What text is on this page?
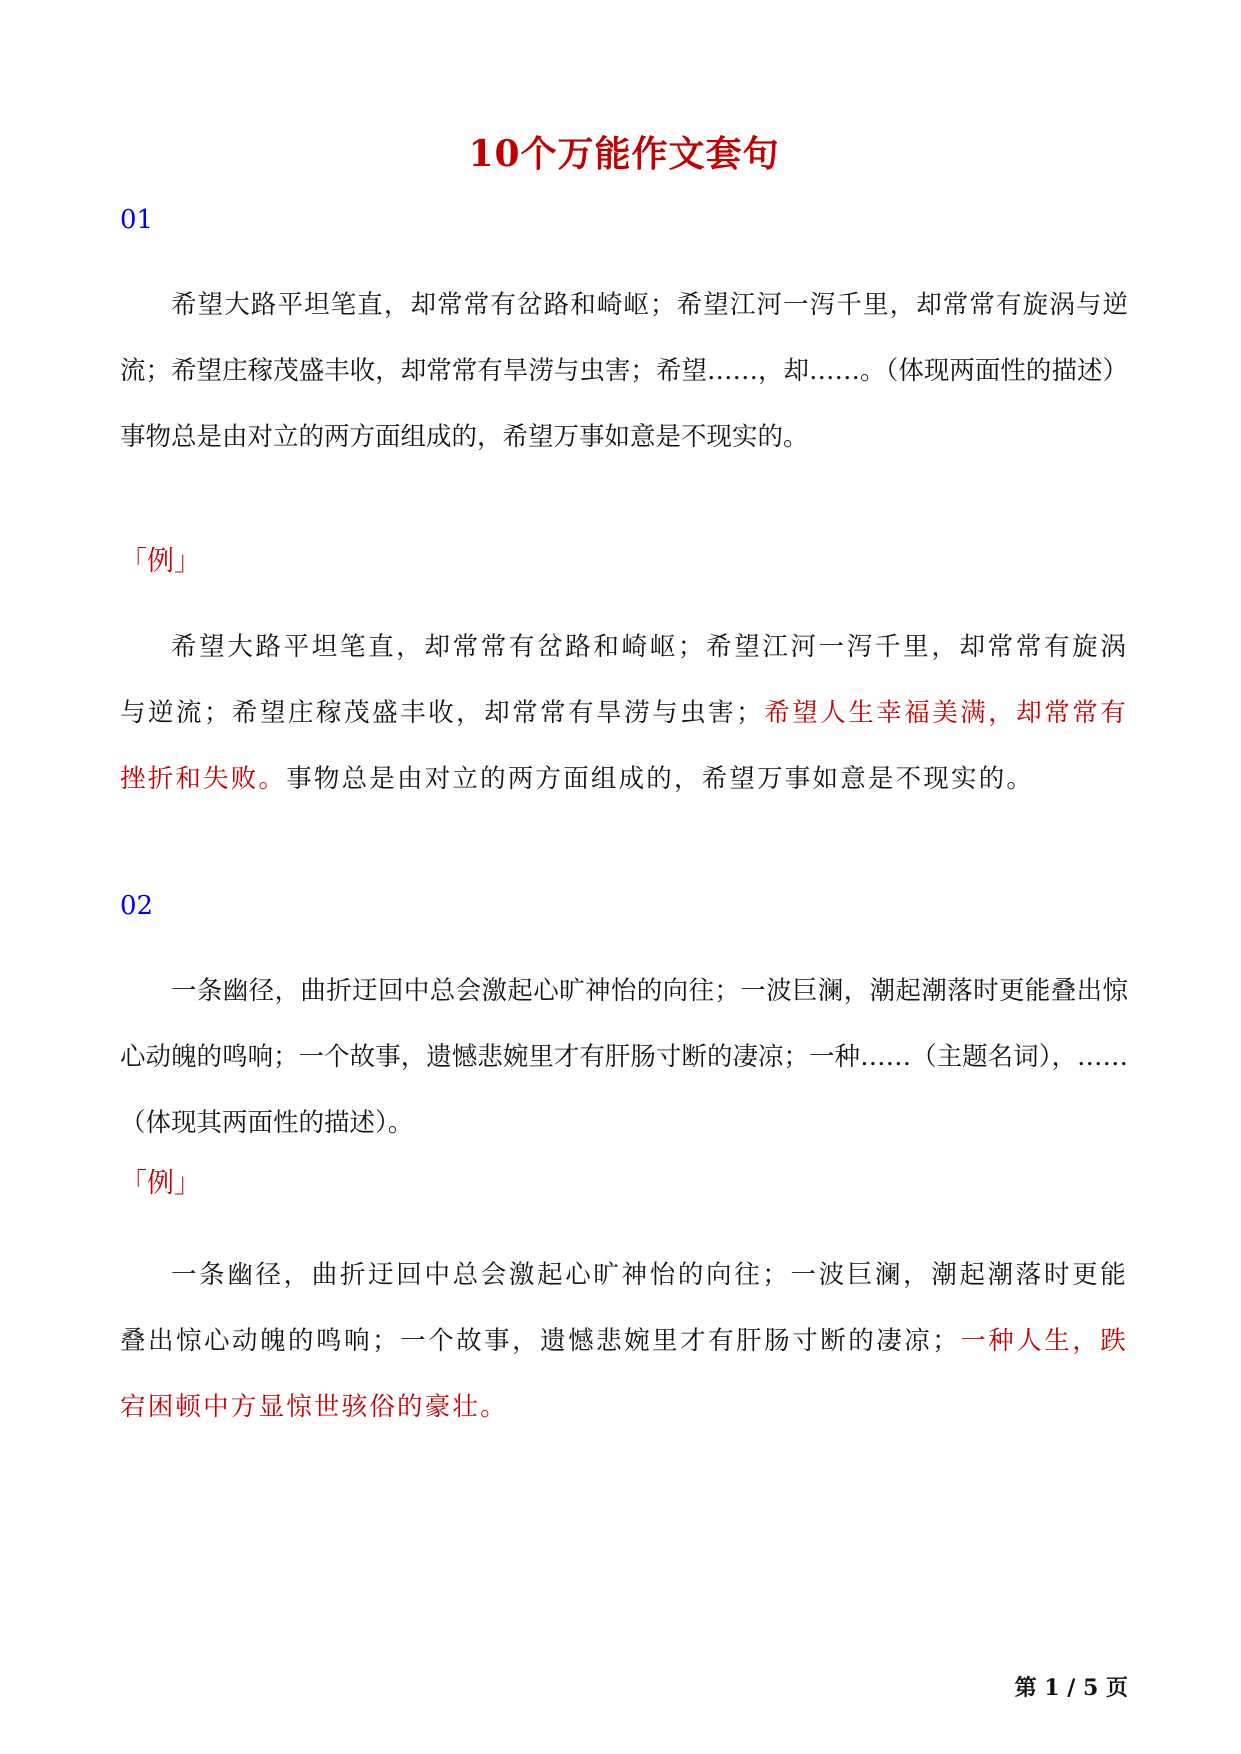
10个万能作文套句
01

希望大路平坦笔直，却常常有岔路和崎岖；希望江河一泻千里，却常常有旋涡与逆流；希望庄稼茂盛丰收，却常常有旱涝与虫害；希望……，却……。（体现两面性的描述）事物总是由对立的两方面组成的，希望万事如意是不现实的。

「例」

希望大路平坦笔直，却常常有岔路和崎岖；希望江河一泻千里，却常常有旋涡与逆流；希望庄稼茂盛丰收，却常常有旱涝与虫害；希望人生幸福美满，却常常有挫折和失败。事物总是由对立的两方面组成的，希望万事如意是不现实的。

02

一条幽径，曲折迂回中总会激起心旷神怡的向往；一波巨澜，潮起潮落时更能叠出惊心动魄的鸣响；一个故事，遗憾悲婉里才有肝肠寸断的凄凉；一种……（主题名词），……（体现其两面性的描述）。

「例」

一条幽径，曲折迂回中总会激起心旷神怡的向往；一波巨澜，潮起潮落时更能叠出惊心动魄的鸣响；一个故事，遗憾悲婉里才有肝肠寸断的凄凉；一种人生，跌宕困顿中方显惊世骇俗的豪壮。

第 1 / 5 页
